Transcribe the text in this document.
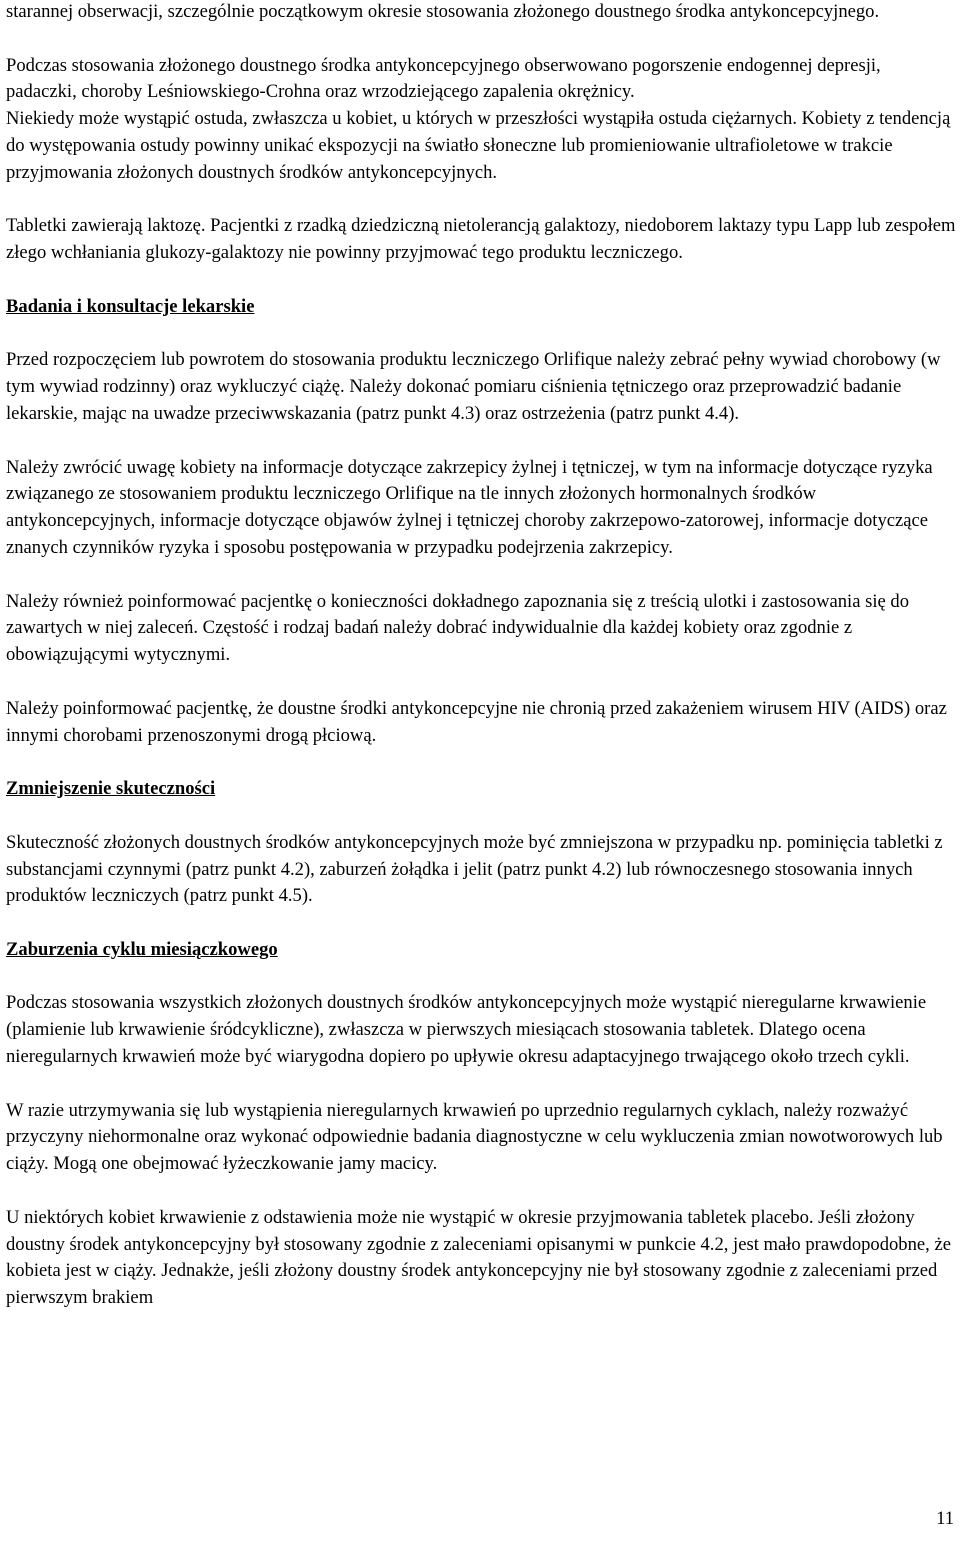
starannej obserwacji, szczególnie początkowym okresie stosowania złożonego doustnego środka antykoncepcyjnego.

Podczas stosowania złożonego doustnego środka antykoncepcyjnego obserwowano pogorszenie endogennej depresji, padaczki, choroby Leśniowskiego-Crohna oraz wrzodziejącego zapalenia okrężnicy.

Niekiedy może wystąpić ostuda, zwłaszcza u kobiet, u których w przeszłości wystąpiła ostuda ciężarnych. Kobiety z tendencją do występowania ostudy powinny unikać ekspozycji na światło słoneczne lub promieniowanie ultrafioletowe w trakcie przyjmowania złożonych doustnych środków antykoncepcyjnych.

Tabletki zawierają laktozę. Pacjentki z rzadką dziedziczną nietolerancją galaktozy, niedoborem laktazy typu Lapp lub zespołem złego wchłaniania glukozy-galaktozy nie powinny przyjmować tego produktu leczniczego.

Badania i konsultacje lekarskie

Przed rozpoczęciem lub powrotem do stosowania produktu leczniczego Orlifique należy zebrać pełny wywiad chorobowy (w tym wywiad rodzinny) oraz wykluczyć ciążę. Należy dokonać pomiaru ciśnienia tętniczego oraz przeprowadzić badanie lekarskie, mając na uwadze przeciwwskazania (patrz punkt 4.3) oraz ostrzeżenia (patrz punkt 4.4).

Należy zwrócić uwagę kobiety na informacje dotyczące zakrzepicy żylnej i tętniczej, w tym na informacje dotyczące ryzyka związanego ze stosowaniem produktu leczniczego Orlifique na tle innych złożonych hormonalnych środków antykoncepcyjnych, informacje dotyczące objawów żylnej i tętniczej choroby zakrzepowo-zatorowej, informacje dotyczące znanych czynników ryzyka i sposobu postępowania w przypadku podejrzenia zakrzepicy.

Należy również poinformować pacjentkę o konieczności dokładnego zapoznania się z treścią ulotki i zastosowania się do zawartych w niej zaleceń. Częstość i rodzaj badań należy dobrać indywidualnie dla każdej kobiety oraz zgodnie z obowiązującymi wytycznymi.

Należy poinformować pacjentkę, że doustne środki antykoncepcyjne nie chronią przed zakażeniem wirusem HIV (AIDS) oraz innymi chorobami przenoszonymi drogą płciową.

Zmniejszenie skuteczności

Skuteczność złożonych doustnych środków antykoncepcyjnych może być zmniejszona w przypadku np. pominięcia tabletki z substancjami czynnymi (patrz punkt 4.2), zaburzeń żołądka i jelit (patrz punkt 4.2) lub równoczesnego stosowania innych produktów leczniczych (patrz punkt 4.5).

Zaburzenia cyklu miesiączkowego

Podczas stosowania wszystkich złożonych doustnych środków antykoncepcyjnych może wystąpić nieregularne krwawienie (plamienie lub krwawienie śródcykliczne), zwłaszcza w pierwszych miesiącach stosowania tabletek. Dlatego ocena nieregularnych krwawień może być wiarygodna dopiero po upływie okresu adaptacyjnego trwającego około trzech cykli.

W razie utrzymywania się lub wystąpienia nieregularnych krwawień po uprzednio regularnych cyklach, należy rozważyć przyczyny niehormonalne oraz wykonać odpowiednie badania diagnostyczne w celu wykluczenia zmian nowotworowych lub ciąży. Mogą one obejmować łyżeczkowanie jamy macicy.

U niektórych kobiet krwawienie z odstawienia może nie wystąpić w okresie przyjmowania tabletek placebo. Jeśli złożony doustny środek antykoncepcyjny był stosowany zgodnie z zaleceniami opisanymi w punkcie 4.2, jest mało prawdopodobne, że kobieta jest w ciąży. Jednakże, jeśli złożony doustny środek antykoncepcyjny nie był stosowany zgodnie z zaleceniami przed pierwszym brakiem

11
